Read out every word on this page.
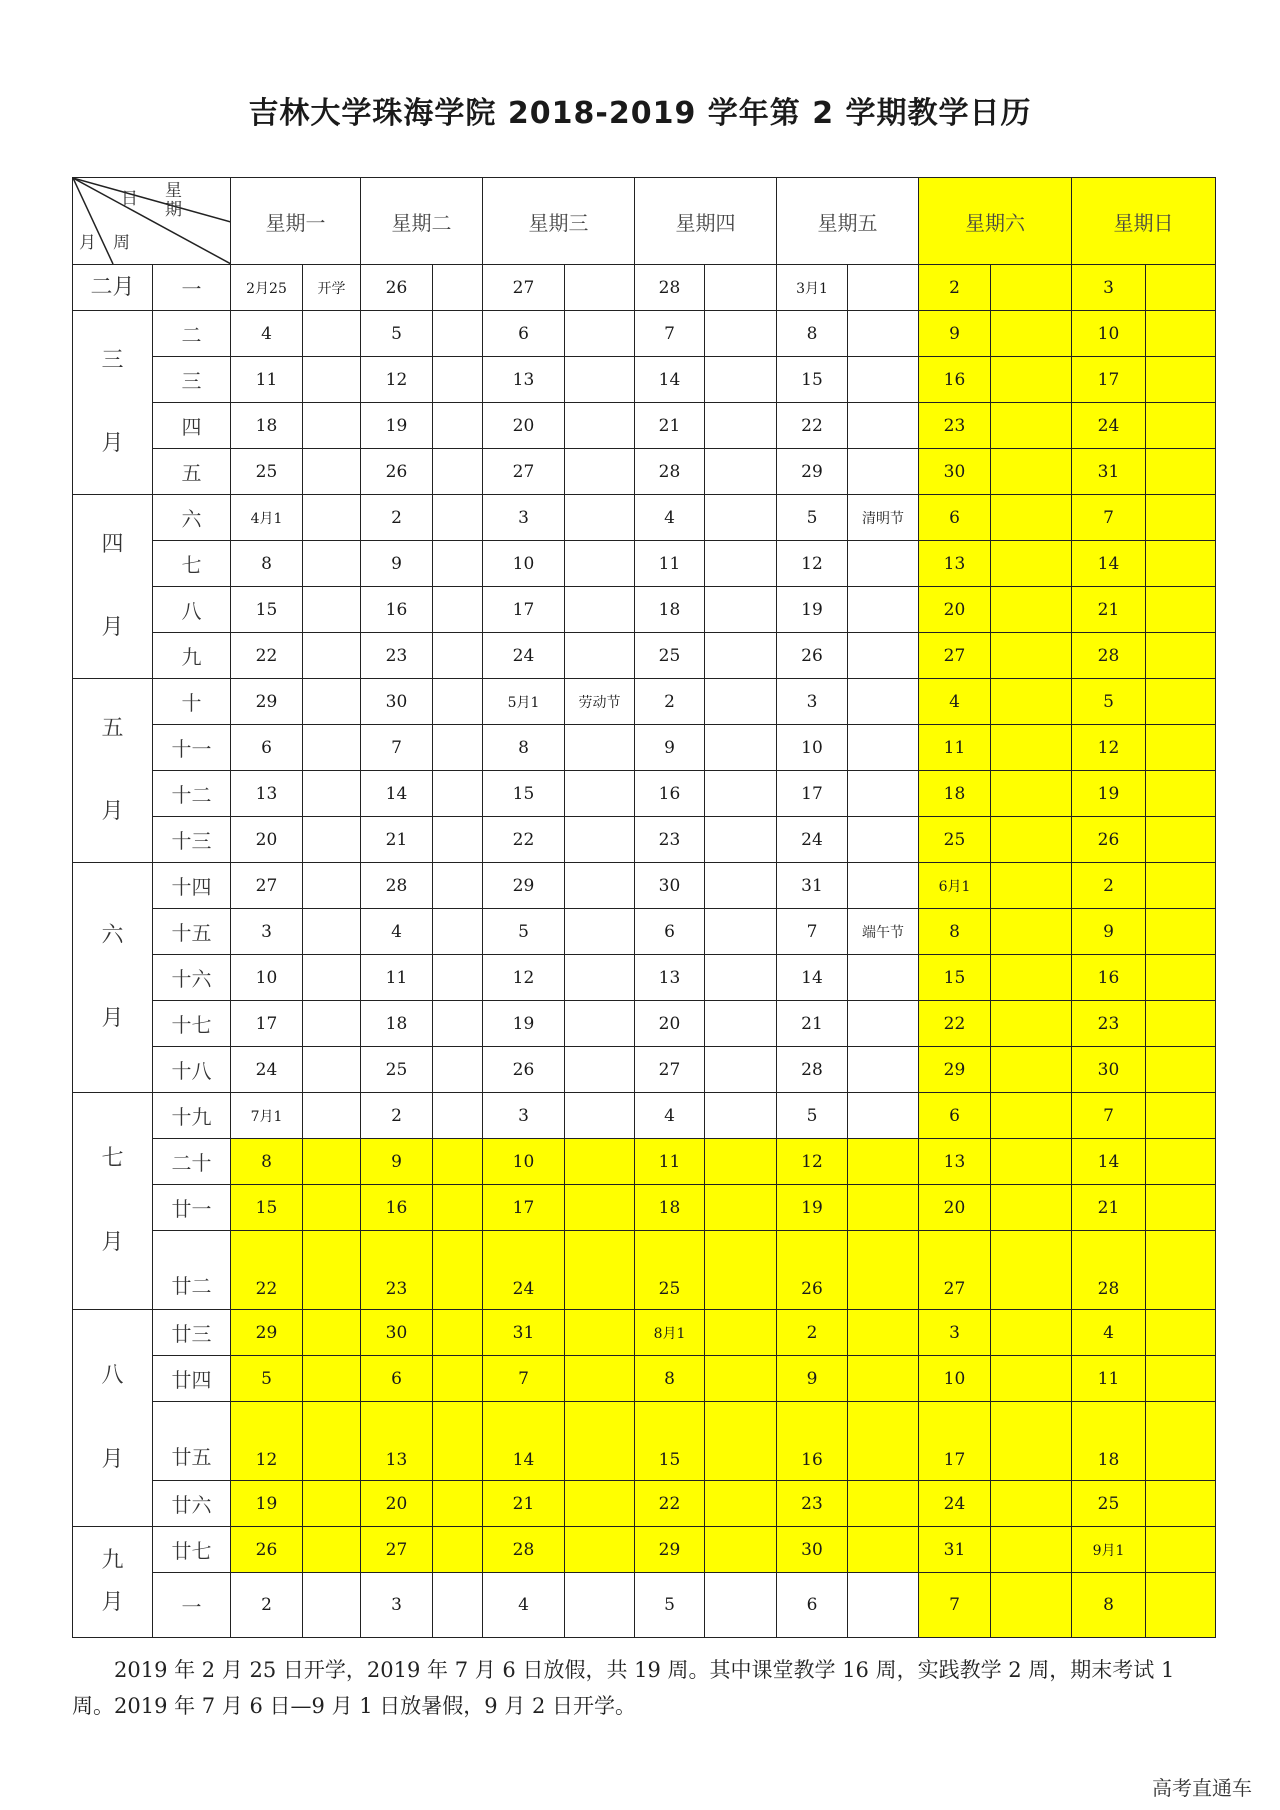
吉林大学珠海学院 2018-2019 学年第 2 学期教学日历
日 星
期
月 周		星期一		星期二		星期三		星期四		星期五		星期六		星期日	
二月	一	2月25	开学	26		27		28		3月1		2		3	
三

月	二	4		5		6		7		8		9		10	
	三	11		12		13		14		15		16		17	
	四	18		19		20		21		22		23		24	
	五	25		26		27		28		29		30		31	
四

月	六	4月1		2		3		4		5	清明节	6		7	
	七	8		9		10		11		12		13		14	
	八	15		16		17		18		19		20		21	
	九	22		23		24		25		26		27		28	
五

月	十	29		30		5月1	劳动节	2		3		4		5	
	十一	6		7		8		9		10		11		12	
	十二	13		14		15		16		17		18		19	
	十三	20		21		22		23		24		25		26	
六

月	十四	27		28		29		30		31		6月1		2	
	十五	3		4		5		6		7	端午节	8		9	
	十六	10		11		12		13		14		15		16	
	十七	17		18		19		20		21		22		23	
	十八	24		25		26		27		28		29		30	
七

月	十九	7月1		2		3		4		5		6		7	
	二十	8		9		10		11		12		13		14	
	廿一	15		16		17		18		19		20		21	
	廿二	22		23		24		25		26		27		28	
八

月	廿三	29		30		31		8月1		2		3		4	
	廿四	5		6		7		8		9		10		11	
	廿五	12		13		14		15		16		17		18	
	廿六	19		20		21		22		23		24		25	
九
月	廿七	26		27		28		29		30		31		9月1	
	一	2		3		4		5		6		7		8	
2019 年 2 月 25 日开学，2019 年 7 月 6 日放假，共 19 周。其中课堂教学 16 周，实践教学 2 周，期末考试 1 周。2019 年 7 月 6 日—9 月 1 日放暑假，9 月 2 日开学。
高考直通车
